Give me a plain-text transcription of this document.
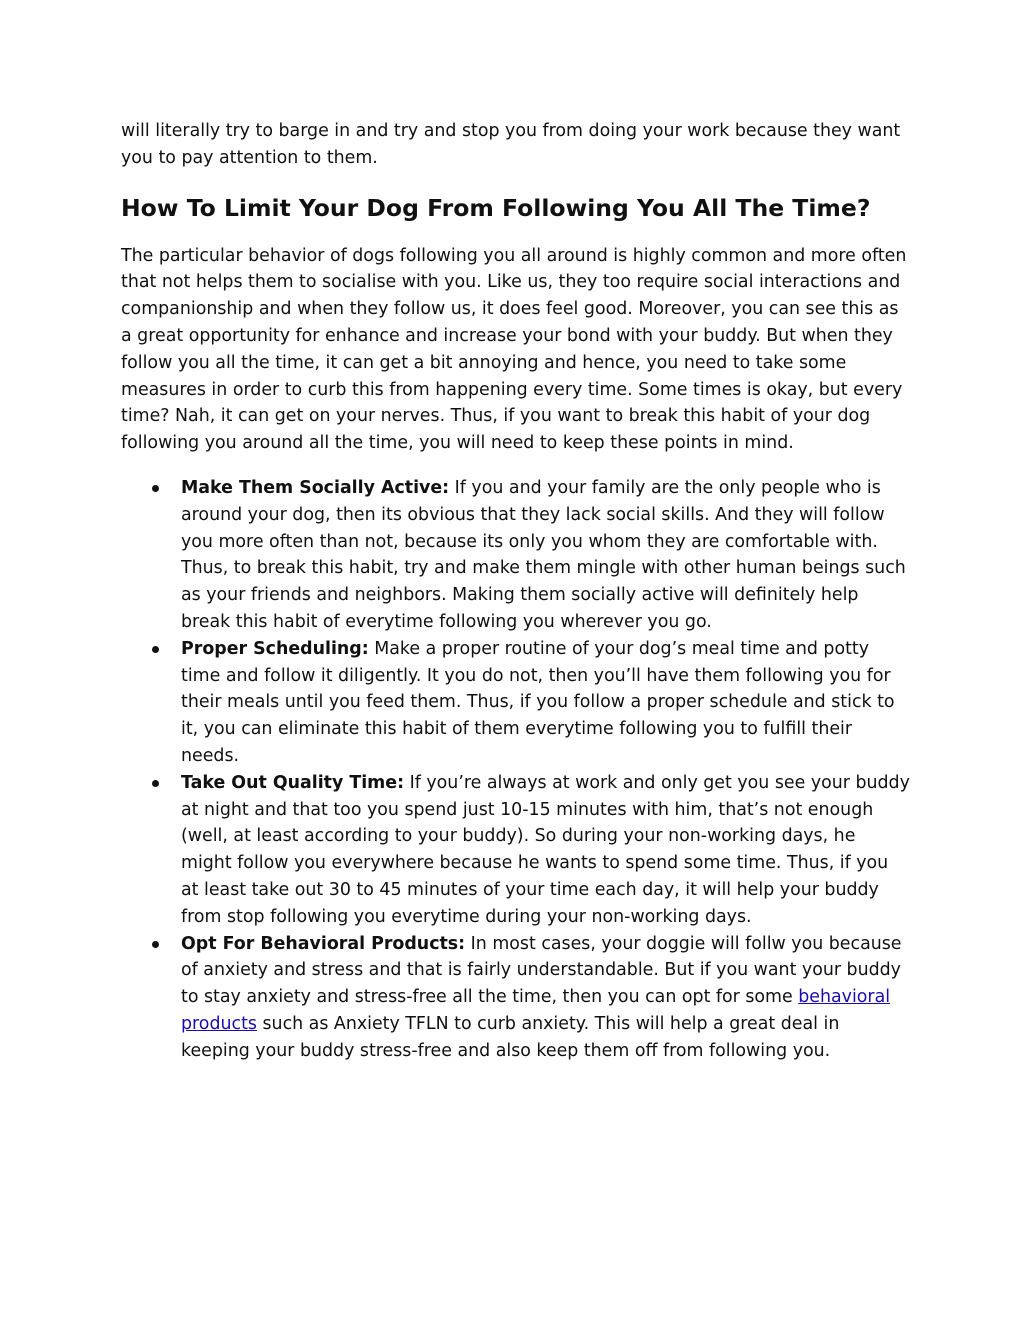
will literally try to barge in and try and stop you from doing your work because they want you to pay attention to them.

How To Limit Your Dog From Following You All The Time?

The particular behavior of dogs following you all around is highly common and more often that not helps them to socialise with you. Like us, they too require social interactions and companionship and when they follow us, it does feel good. Moreover, you can see this as a great opportunity for enhance and increase your bond with your buddy. But when they follow you all the time, it can get a bit annoying and hence, you need to take some measures in order to curb this from happening every time. Some times is okay, but every time? Nah, it can get on your nerves. Thus, if you want to break this habit of your dog following you around all the time, you will need to keep these points in mind.

Make Them Socially Active: If you and your family are the only people who is around your dog, then its obvious that they lack social skills. And they will follow you more often than not, because its only you whom they are comfortable with. Thus, to break this habit, try and make them mingle with other human beings such as your friends and neighbors. Making them socially active will definitely help break this habit of everytime following you wherever you go.
Proper Scheduling: Make a proper routine of your dog’s meal time and potty time and follow it diligently. It you do not, then you’ll have them following you for their meals until you feed them. Thus, if you follow a proper schedule and stick to it, you can eliminate this habit of them everytime following you to fulfill their needs.
Take Out Quality Time: If you’re always at work and only get you see your buddy at night and that too you spend just 10-15 minutes with him, that’s not enough (well, at least according to your buddy). So during your non-working days, he might follow you everywhere because he wants to spend some time. Thus, if you at least take out 30 to 45 minutes of your time each day, it will help your buddy from stop following you everytime during your non-working days.
Opt For Behavioral Products: In most cases, your doggie will follw you because of anxiety and stress and that is fairly understandable. But if you want your buddy to stay anxiety and stress-free all the time, then you can opt for some behavioral products such as Anxiety TFLN to curb anxiety. This will help a great deal in keeping your buddy stress-free and also keep them off from following you.
